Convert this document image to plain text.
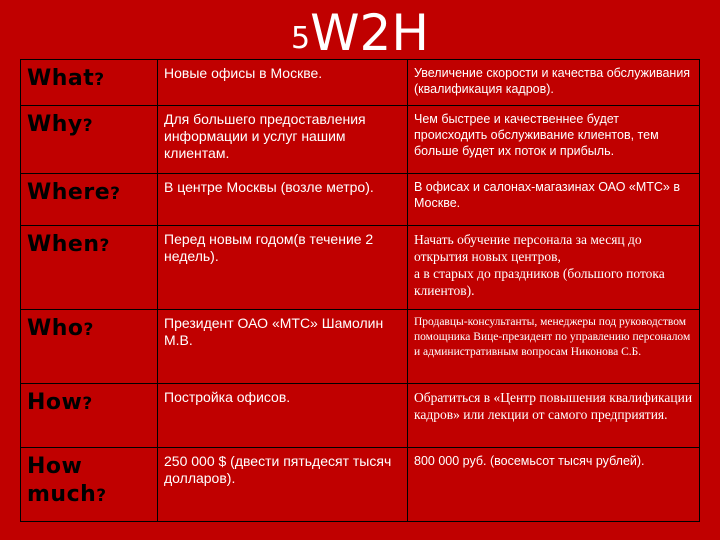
5W2H
What?	Новые офисы в Москве.	Увеличение скорости и качества обслуживания (квалификация кадров).
Why?	Для большего предоставления информации и услуг нашим клиентам.	Чем быстрее и качественнее будет происходить обслуживание клиентов, тем больше будет их поток и прибыль.
Where?	В центре Москвы (возле метро).	В офисах и салонах-магазинах ОАО «МТС» в Москве.
When?	Перед новым годом(в течение 2 недель).	Начать обучение персонала за месяц до открытия новых центров,
а в старых до праздников (большого потока клиентов).
Who?	Президент ОАО «МТС» Шамолин М.В.	Продавцы-консультанты, менеджеры под руководством помощника Вице-президент по управлению персоналом и административным вопросам Никонова С.Б.
How?	Постройка офисов.	Обратиться в «Центр повышения квалификации кадров» или лекции от самого предприятия.
How much?	250 000 $ (двести пятьдесят тысяч долларов).	800 000 руб. (восемьсот тысяч рублей).
